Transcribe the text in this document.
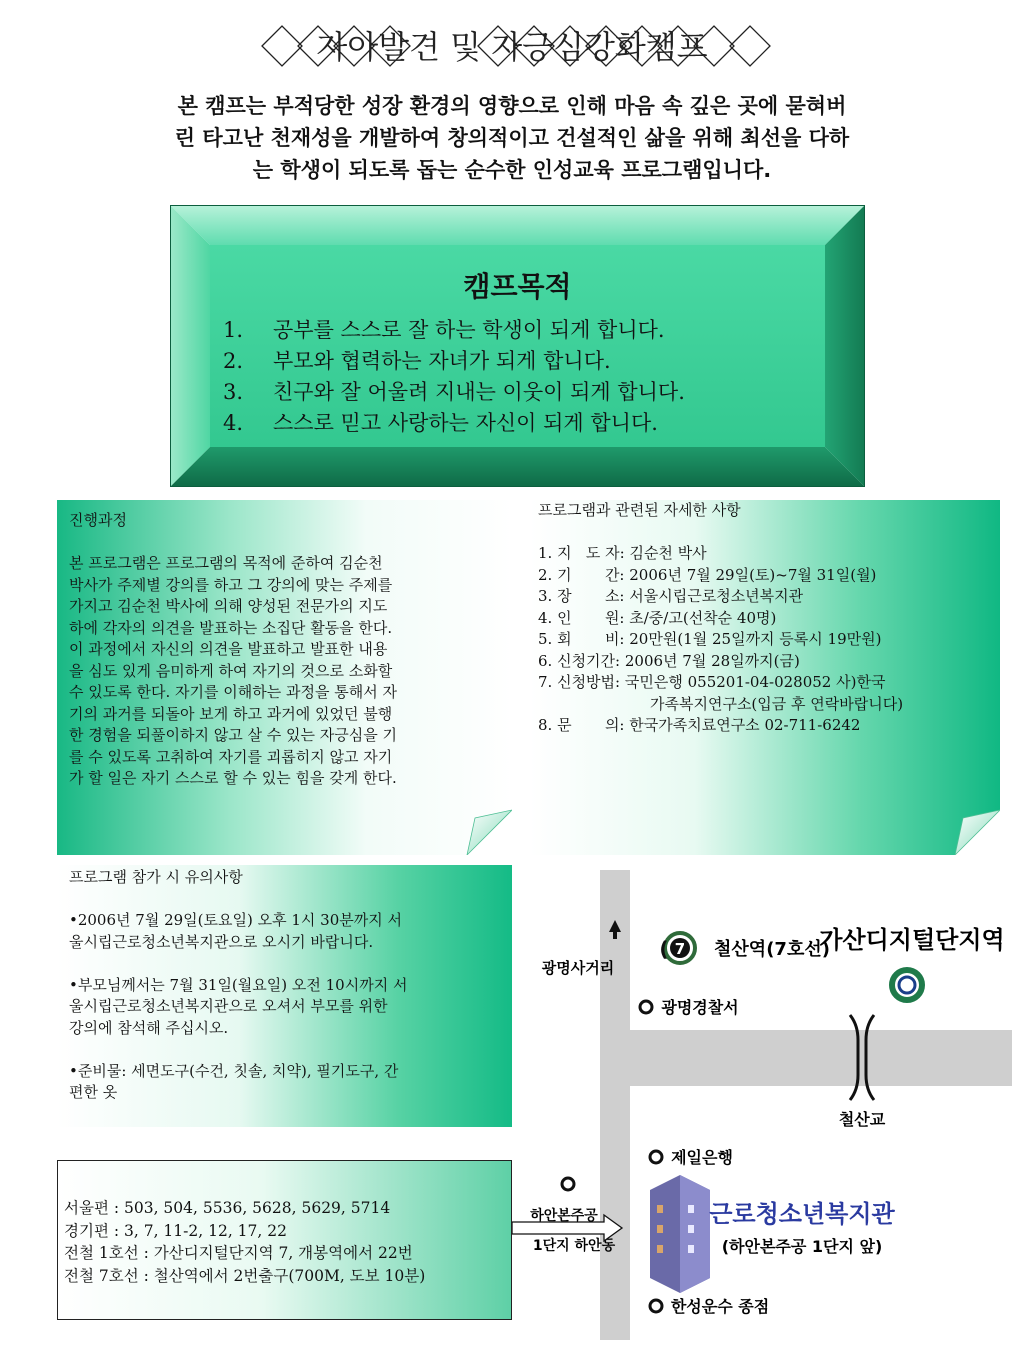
자아발견 및 자긍심강화캠프
본 캠프는 부적당한 성장 환경의 영향으로 인해 마음 속 깊은 곳에 묻혀버
린 타고난 천재성을 개발하여 창의적이고 건설적인 삶을 위해 최선을 다하
는 학생이 되도록 돕는 순수한 인성교육 프로그램입니다.
캠프목적
1.	공부를 스스로 잘 하는 학생이 되게 합니다.
2.	부모와 협력하는 자녀가 되게 합니다.
3.	친구와 잘 어울려 지내는 이웃이 되게 합니다.
4.	스스로 믿고 사랑하는 자신이 되게 합니다.
진행과정
본 프로그램은 프로그램의 목적에 준하여 김순천
박사가 주제별 강의를 하고 그 강의에 맞는 주제를
가지고 김순천 박사에 의해 양성된 전문가의 지도
하에 각자의 의견을 발표하는 소집단 활동을 한다.
이 과정에서 자신의 의견을 발표하고 발표한 내용
을 심도 있게 음미하게 하여 자기의 것으로 소화할
수 있도록 한다. 자기를 이해하는 과정을 통해서 자
기의 과거를 되돌아 보게 하고 과거에 있었던 불행
한 경험을 되풀이하지 않고 살 수 있는 자긍심을 기
를 수 있도록 고취하여 자기를 괴롭히지 않고 자기
가 할 일은 자기 스스로 할 수 있는 힘을 갖게 한다.
프로그램과 관련된 자세한 사항
1. 지   도 자: 김순천 박사
2. 기       간: 2006년 7월 29일(토)~7월 31일(월)
3. 장       소: 서울시립근로청소년복지관
4. 인       원: 초/중/고(선착순 40명)
5. 회       비: 20만원(1월 25일까지 등록시 19만원)
6. 신청기간: 2006년 7월 28일까지(금)
7. 신청방법: 국민은행 055201-04-028052 사)한국
가족복지연구소(입금 후 연락바랍니다)
8. 문       의: 한국가족치료연구소 02-711-6242
프로그램 참가 시 유의사항
•2006년 7월 29일(토요일) 오후 1시 30분까지 서
울시립근로청소년복지관으로 오시기 바랍니다.
•부모님께서는 7월 31일(월요일) 오전 10시까지 서
울시립근로청소년복지관으로 오셔서 부모를 위한
강의에 참석해 주십시오.
•준비물: 세면도구(수건, 칫솔, 치약), 필기도구, 간
편한 옷
서울편 : 503, 504, 5536, 5628, 5629, 5714
경기편 : 3, 7, 11-2, 12, 17, 22
전철 1호선 : 가산디지털단지역 7, 개봉역에서 22번
전철 7호선 : 철산역에서 2번출구(700M, 도보 10분)
광명사거리
7
(	철산역(7호선)
가산디지털단지역
광명경찰서
철산교
제일은행
하안본주공
1단지 하안동
근로청소년복지관
(하안본주공 1단지 앞)
한성운수 종점
